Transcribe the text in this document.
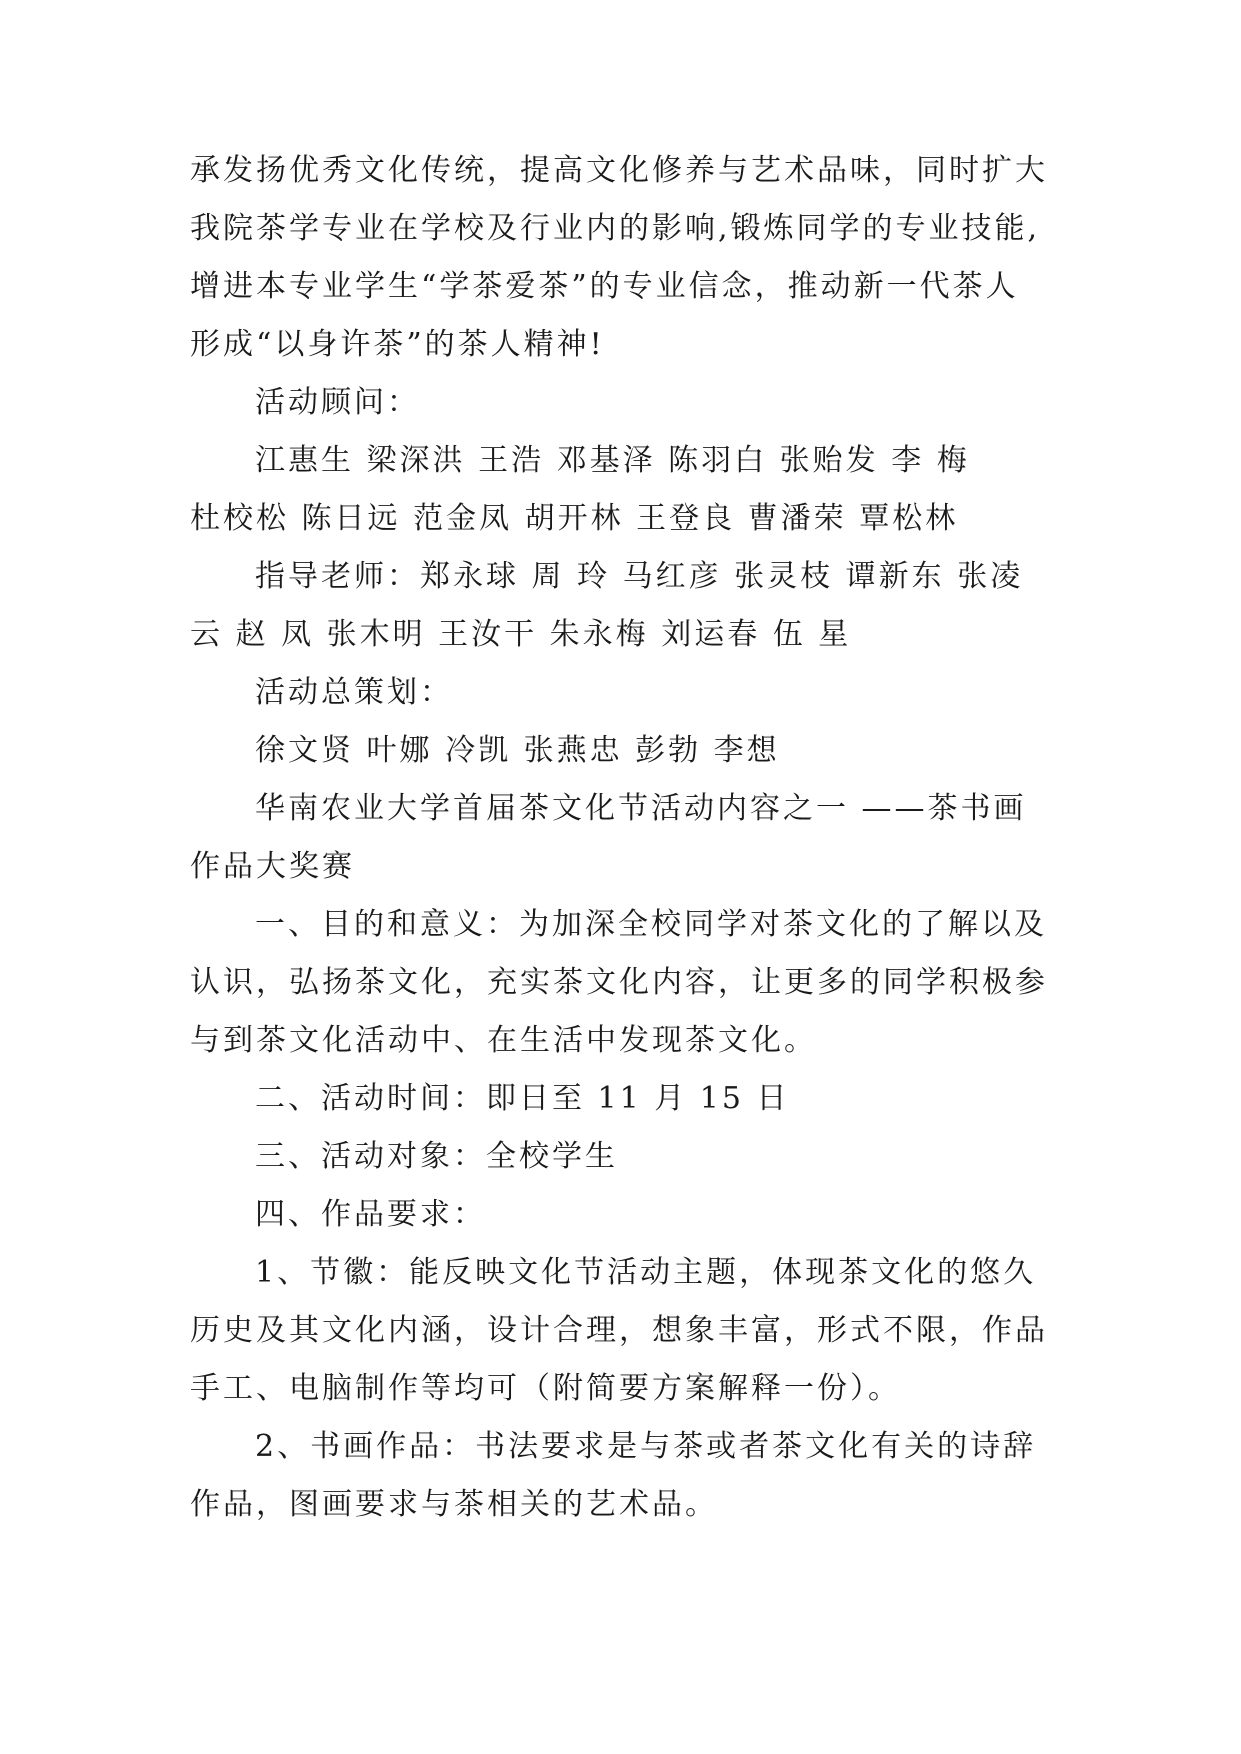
承发扬优秀文化传统，提高文化修养与艺术品味，同时扩大
我院茶学专业在学校及行业内的影响,锻炼同学的专业技能,
增进本专业学生“学茶爱茶”的专业信念，推动新一代茶人
形成“以身许茶”的茶人精神!
活动顾问：
江惠生 梁深洪 王浩 邓基泽 陈羽白 张贻发 李 梅
杜校松 陈日远 范金凤 胡开林 王登良 曹潘荣 覃松林
指导老师：郑永球 周 玲 马红彦 张灵枝 谭新东 张凌
云 赵 凤 张木明 王汝干 朱永梅 刘运春 伍 星
活动总策划：
徐文贤 叶娜 冷凯 张燕忠 彭勃 李想
华南农业大学首届茶文化节活动内容之一 ——茶书画
作品大奖赛
一、目的和意义：为加深全校同学对茶文化的了解以及
认识，弘扬茶文化，充实茶文化内容，让更多的同学积极参
与到茶文化活动中、在生活中发现茶文化。
二、活动时间：即日至 11 月 15 日
三、活动对象：全校学生
四、作品要求：
1、节徽：能反映文化节活动主题，体现茶文化的悠久
历史及其文化内涵，设计合理，想象丰富，形式不限，作品
手工、电脑制作等均可（附简要方案解释一份）。
2、书画作品：书法要求是与茶或者茶文化有关的诗辞
作品，图画要求与茶相关的艺术品。
